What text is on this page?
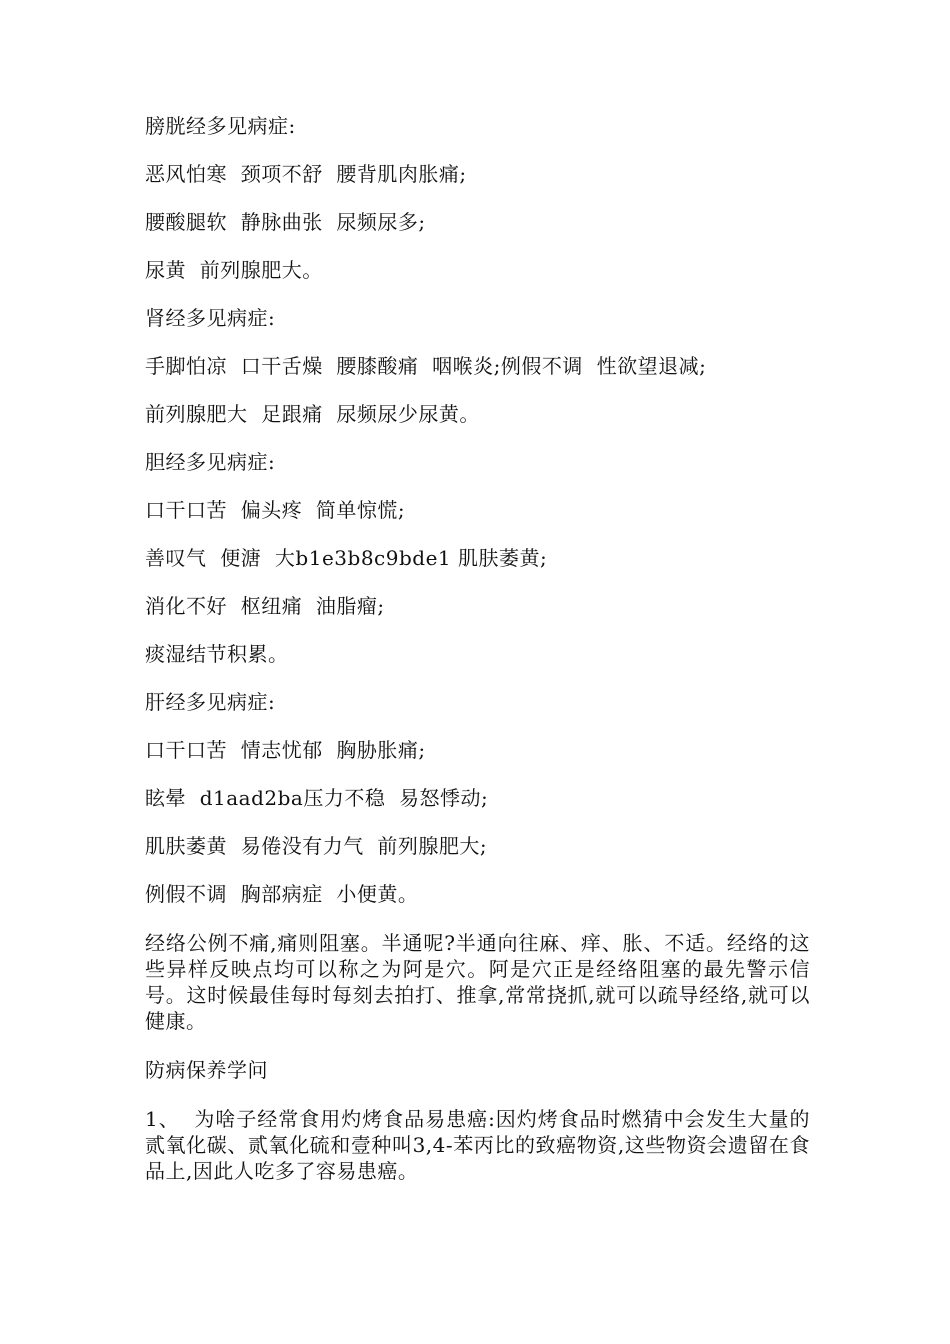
膀胱经多见病症:

恶风怕寒  颈项不舒  腰背肌肉胀痛;

腰酸腿软  静脉曲张  尿频尿多;

尿黄  前列腺肥大。

肾经多见病症:

手脚怕凉  口干舌燥  腰膝酸痛  咽喉炎;例假不调  性欲望退减;

前列腺肥大  足跟痛  尿频尿少尿黄。

胆经多见病症:

口干口苦  偏头疼  简单惊慌;

善叹气  便溏  大b1e3b8c9bde1 肌肤萎黄;

消化不好  枢纽痛  油脂瘤;

痰湿结节积累。

肝经多见病症:

口干口苦  情志忧郁  胸胁胀痛;

眩晕  d1aad2ba压力不稳  易怒悸动;

肌肤萎黄  易倦没有力气  前列腺肥大;

例假不调  胸部病症  小便黄。

经络公例不痛,痛则阻塞。半通呢?半通向往麻、痒、胀、不适。经络的这些异样反映点均可以称之为阿是穴。阿是穴正是经络阻塞的最先警示信号。这时候最佳每时每刻去拍打、推拿,常常挠抓,就可以疏导经络,就可以健康。

防病保养学问

1、  为啥子经常食用灼烤食品易患癌:因灼烤食品时燃猜中会发生大量的贰氧化碳、贰氧化硫和壹种叫3,4-苯丙比的致癌物资,这些物资会遗留在食品上,因此人吃多了容易患癌。
